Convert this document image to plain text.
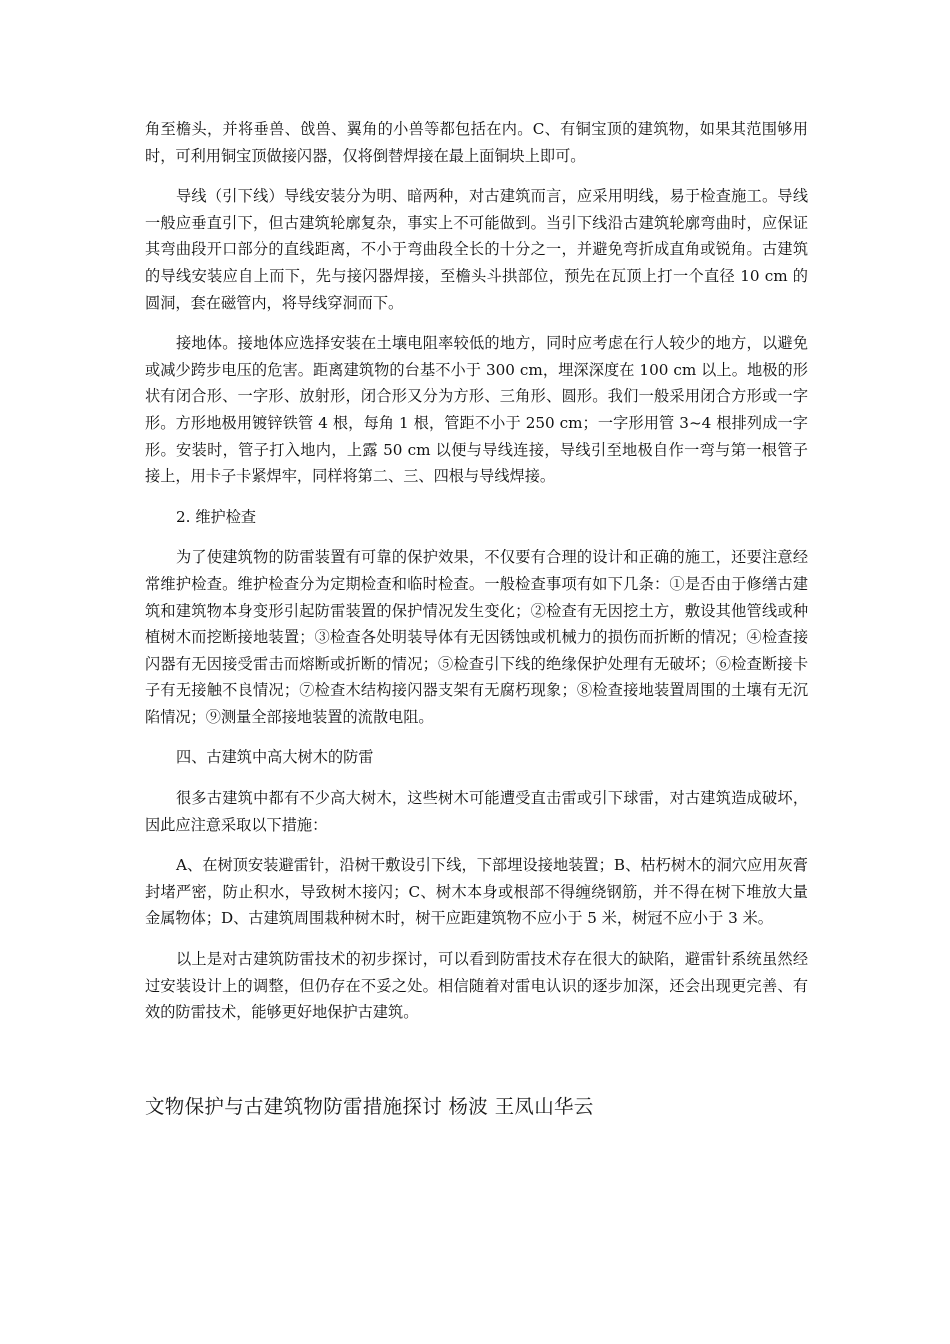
角至檐头，并将垂兽、戗兽、翼角的小兽等都包括在内。C、有铜宝顶的建筑物，如果其范围够用时，可利用铜宝顶做接闪器，仅将倒替焊接在最上面铜块上即可。

导线（引下线）导线安装分为明、暗两种，对古建筑而言，应采用明线，易于检查施工。导线一般应垂直引下，但古建筑轮廓复杂，事实上不可能做到。当引下线沿古建筑轮廓弯曲时，应保证其弯曲段开口部分的直线距离，不小于弯曲段全长的十分之一，并避免弯折成直角或锐角。古建筑的导线安装应自上而下，先与接闪器焊接，至檐头斗拱部位，预先在瓦顶上打一个直径 10 cm 的圆洞，套在磁管内，将导线穿洞而下。

接地体。接地体应选择安装在土壤电阻率较低的地方，同时应考虑在行人较少的地方，以避免或减少跨步电压的危害。距离建筑物的台基不小于 300 cm，埋深深度在 100 cm 以上。地极的形状有闭合形、一字形、放射形，闭合形又分为方形、三角形、圆形。我们一般采用闭合方形或一字形。方形地极用镀锌铁管 4 根，每角 1 根，管距不小于 250 cm；一字形用管 3~4 根排列成一字形。安装时，管子打入地内，上露 50 cm 以便与导线连接，导线引至地极自作一弯与第一根管子接上，用卡子卡紧焊牢，同样将第二、三、四根与导线焊接。

2. 维护检查

为了使建筑物的防雷装置有可靠的保护效果，不仅要有合理的设计和正确的施工，还要注意经常维护检查。维护检查分为定期检查和临时检查。一般检查事项有如下几条：①是否由于修缮古建筑和建筑物本身变形引起防雷装置的保护情况发生变化；②检查有无因挖土方，敷设其他管线或种植树木而挖断接地装置；③检查各处明装导体有无因锈蚀或机械力的损伤而折断的情况；④检查接闪器有无因接受雷击而熔断或折断的情况；⑤检查引下线的绝缘保护处理有无破坏；⑥检查断接卡子有无接触不良情况；⑦检查木结构接闪器支架有无腐朽现象；⑧检查接地装置周围的土壤有无沉陷情况；⑨测量全部接地装置的流散电阻。

四、古建筑中高大树木的防雷

很多古建筑中都有不少高大树木，这些树木可能遭受直击雷或引下球雷，对古建筑造成破坏，因此应注意采取以下措施：

A、在树顶安装避雷针，沿树干敷设引下线，下部埋设接地装置；B、枯朽树木的洞穴应用灰膏封堵严密，防止积水，导致树木接闪；C、树木本身或根部不得缠绕钢筋，并不得在树下堆放大量金属物体；D、古建筑周围栽种树木时，树干应距建筑物不应小于 5 米，树冠不应小于 3 米。

以上是对古建筑防雷技术的初步探讨，可以看到防雷技术存在很大的缺陷，避雷针系统虽然经过安装设计上的调整，但仍存在不妥之处。相信随着对雷电认识的逐步加深，还会出现更完善、有效的防雷技术，能够更好地保护古建筑。

文物保护与古建筑物防雷措施探讨 杨波 王凤山华云
